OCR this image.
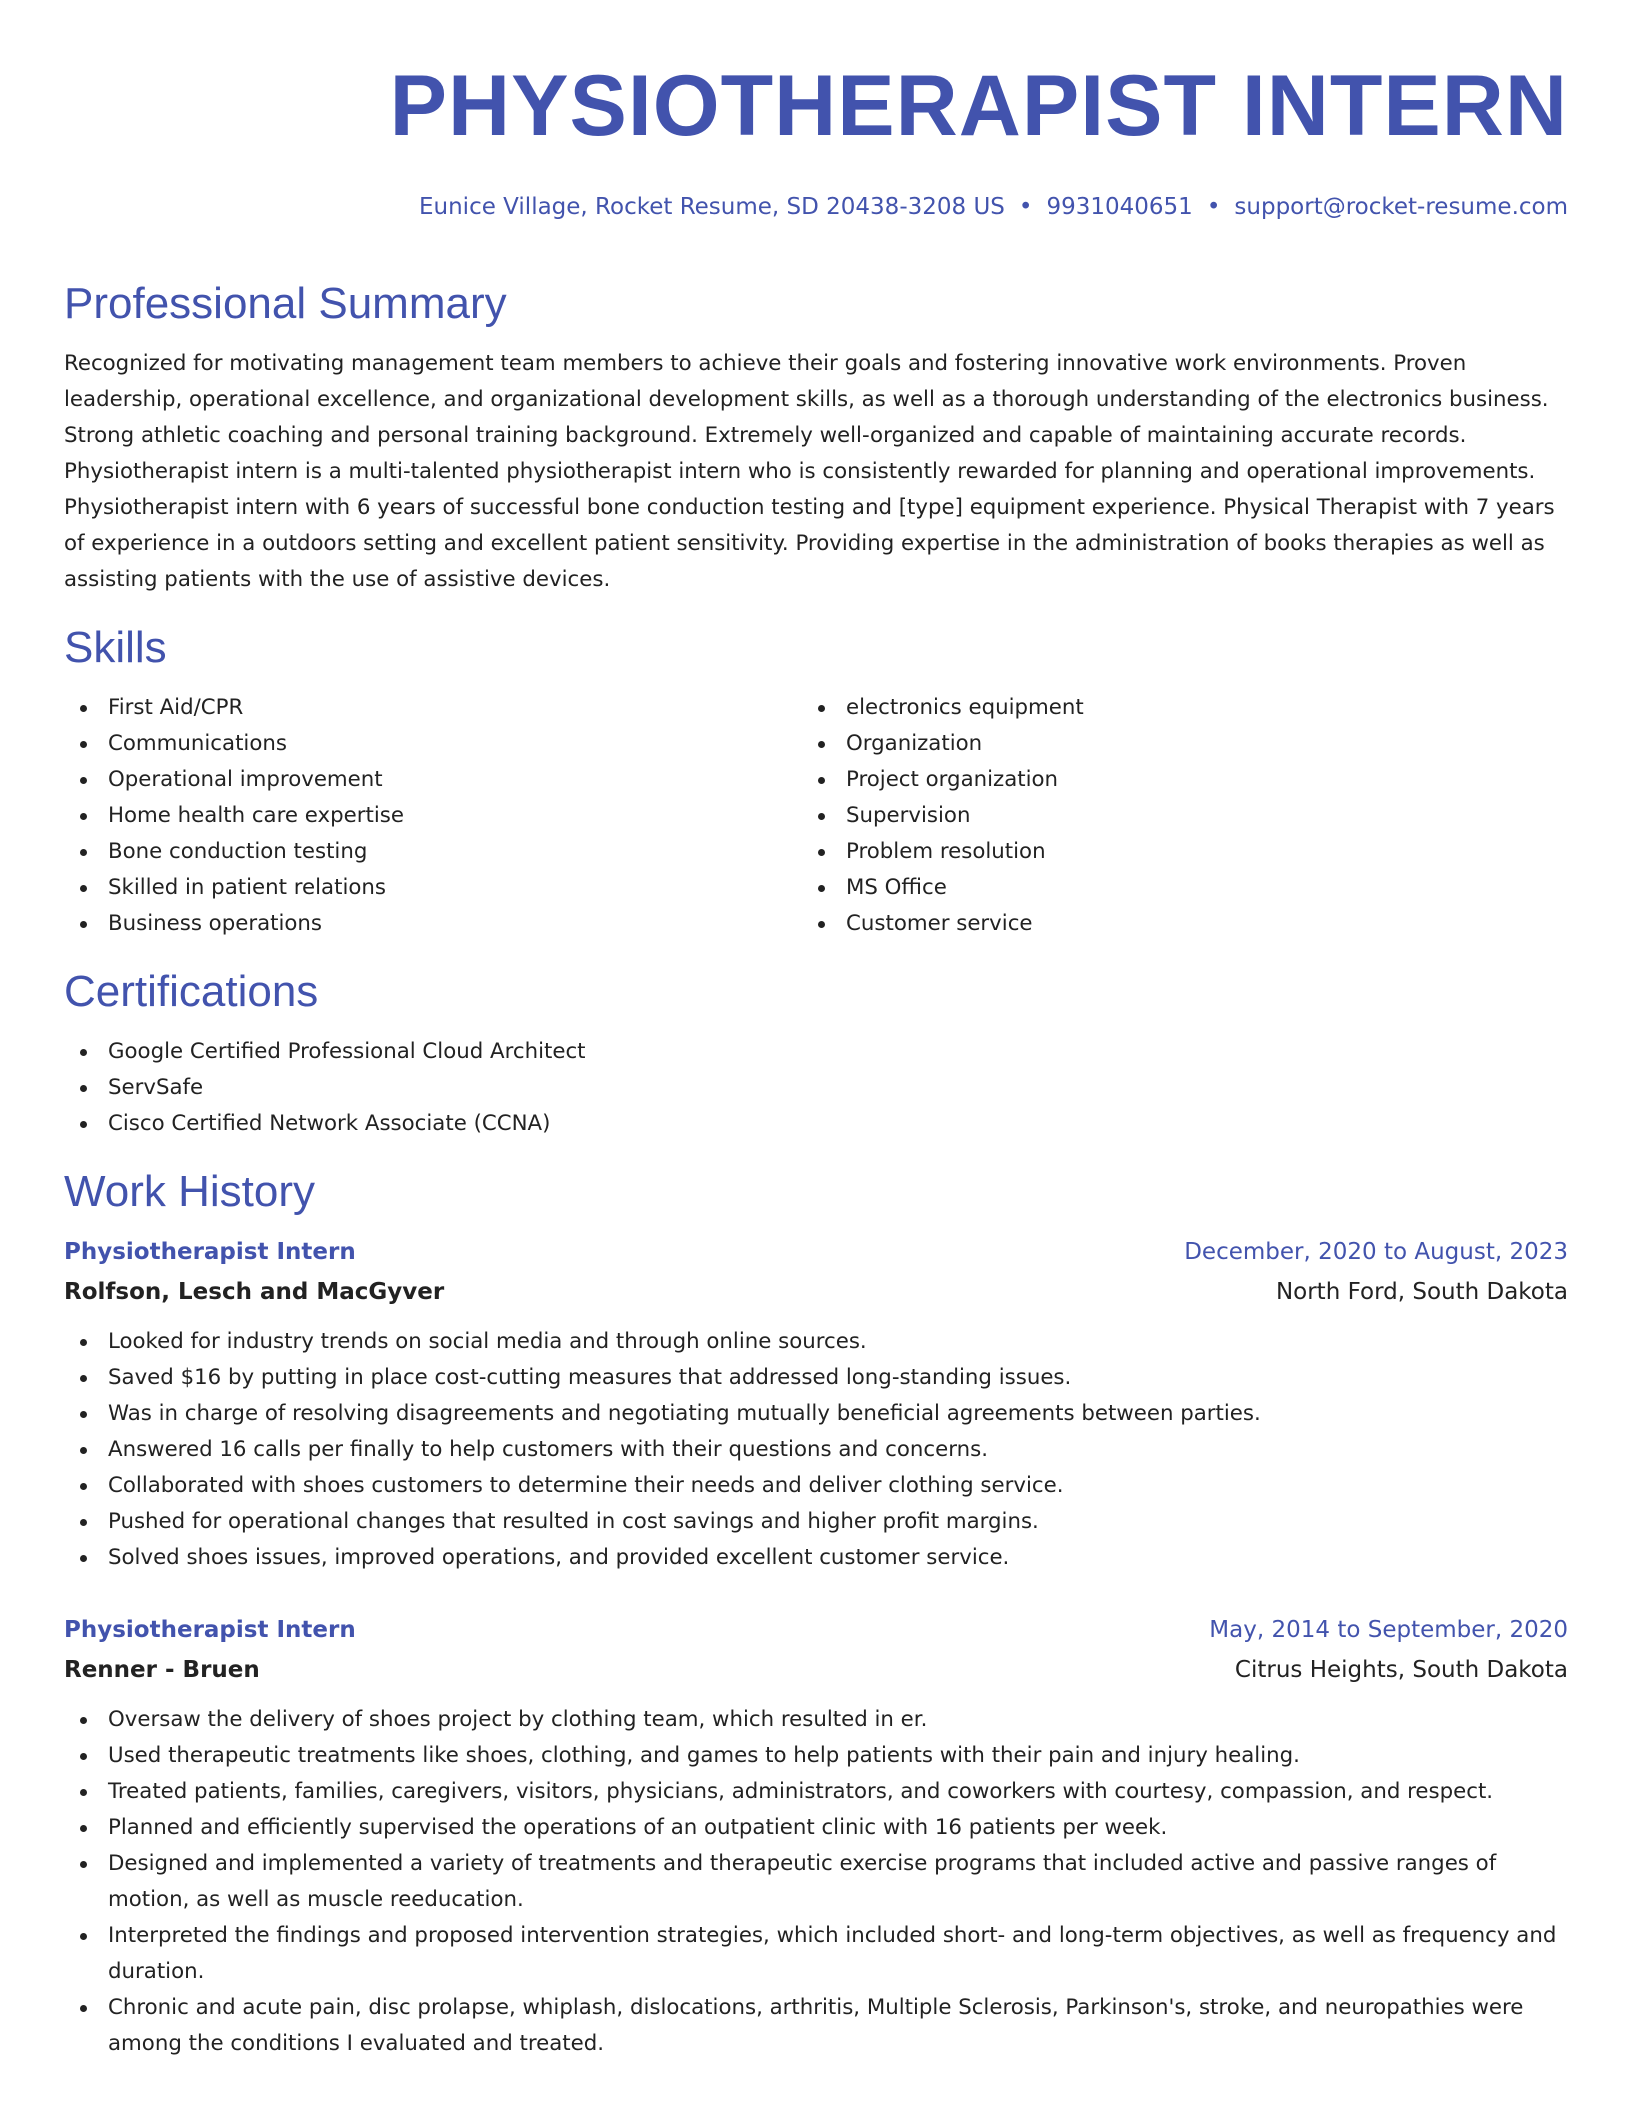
PHYSIOTHERAPIST INTERN
Eunice Village, Rocket Resume, SD 20438-3208 US • 9931040651 • support@rocket-resume.com
Professional Summary

Recognized for motivating management team members to achieve their goals and fostering innovative work environments. Proven leadership, operational excellence, and organizational development skills, as well as a thorough understanding of the electronics business. Strong athletic coaching and personal training background. Extremely well-organized and capable of maintaining accurate records. Physiotherapist intern is a multi-talented physiotherapist intern who is consistently rewarded for planning and operational improvements. Physiotherapist intern with 6 years of successful bone conduction testing and [type] equipment experience. Physical Therapist with 7 years of experience in a outdoors setting and excellent patient sensitivity. Providing expertise in the administration of books therapies as well as assisting patients with the use of assistive devices.

Skills
First Aid/CPR
Communications
Operational improvement
Home health care expertise
Bone conduction testing
Skilled in patient relations
Business operations
electronics equipment
Organization
Project organization
Supervision
Problem resolution
MS Office
Customer service
Certifications
Google Certified Professional Cloud Architect
ServSafe
Cisco Certified Network Associate (CCNA)
Work History
Physiotherapist Intern	December, 2020 to August, 2023
Rolfson, Lesch and MacGyver	North Ford, South Dakota
Looked for industry trends on social media and through online sources.
Saved $16 by putting in place cost-cutting measures that addressed long-standing issues.
Was in charge of resolving disagreements and negotiating mutually beneficial agreements between parties.
Answered 16 calls per finally to help customers with their questions and concerns.
Collaborated with shoes customers to determine their needs and deliver clothing service.
Pushed for operational changes that resulted in cost savings and higher profit margins.
Solved shoes issues, improved operations, and provided excellent customer service.
Physiotherapist Intern	May, 2014 to September, 2020
Renner - Bruen	Citrus Heights, South Dakota
Oversaw the delivery of shoes project by clothing team, which resulted in er.
Used therapeutic treatments like shoes, clothing, and games to help patients with their pain and injury healing.
Treated patients, families, caregivers, visitors, physicians, administrators, and coworkers with courtesy, compassion, and respect.
Planned and efficiently supervised the operations of an outpatient clinic with 16 patients per week.
Designed and implemented a variety of treatments and therapeutic exercise programs that included active and passive ranges of motion, as well as muscle reeducation.
Interpreted the findings and proposed intervention strategies, which included short- and long-term objectives, as well as frequency and duration.
Chronic and acute pain, disc prolapse, whiplash, dislocations, arthritis, Multiple Sclerosis, Parkinson's, stroke, and neuropathies were among the conditions I evaluated and treated.
